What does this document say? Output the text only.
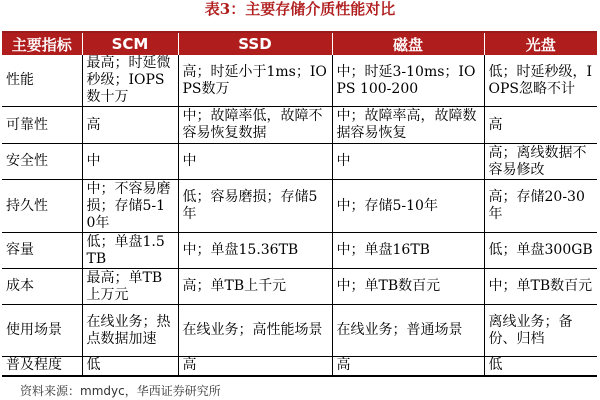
表3：主要存储介质性能对比
主要指标	SCM	SSD	磁盘	光盘
性能	最高；时延微秒级；IOPS数十万	高；时延小于1ms；IOPS数万	中；时延3-10ms；IOPS 100-200	低；时延秒级，IOPS忽略不计
可靠性	高	中；故障率低，故障不容易恢复数据	中；故障率高，故障数据容易恢复	高
安全性	中	中	中	高；离线数据不容易修改
持久性	中；不容易磨损；存储5-10年	低；容易磨损；存储5年	中；存储5-10年	高；存储20-30年
容量	低；单盘1.5TB	中；单盘15.36TB	中；单盘16TB	低；单盘300GB
成本	最高；单TB上万元	高；单TB上千元	中；单TB数百元	中；单TB数百元
使用场景	在线业务；热点数据加速	在线业务；高性能场景	在线业务；普通场景	离线业务；备份、归档
普及程度	低	高	高	低
资料来源：mmdyc，华西证券研究所
